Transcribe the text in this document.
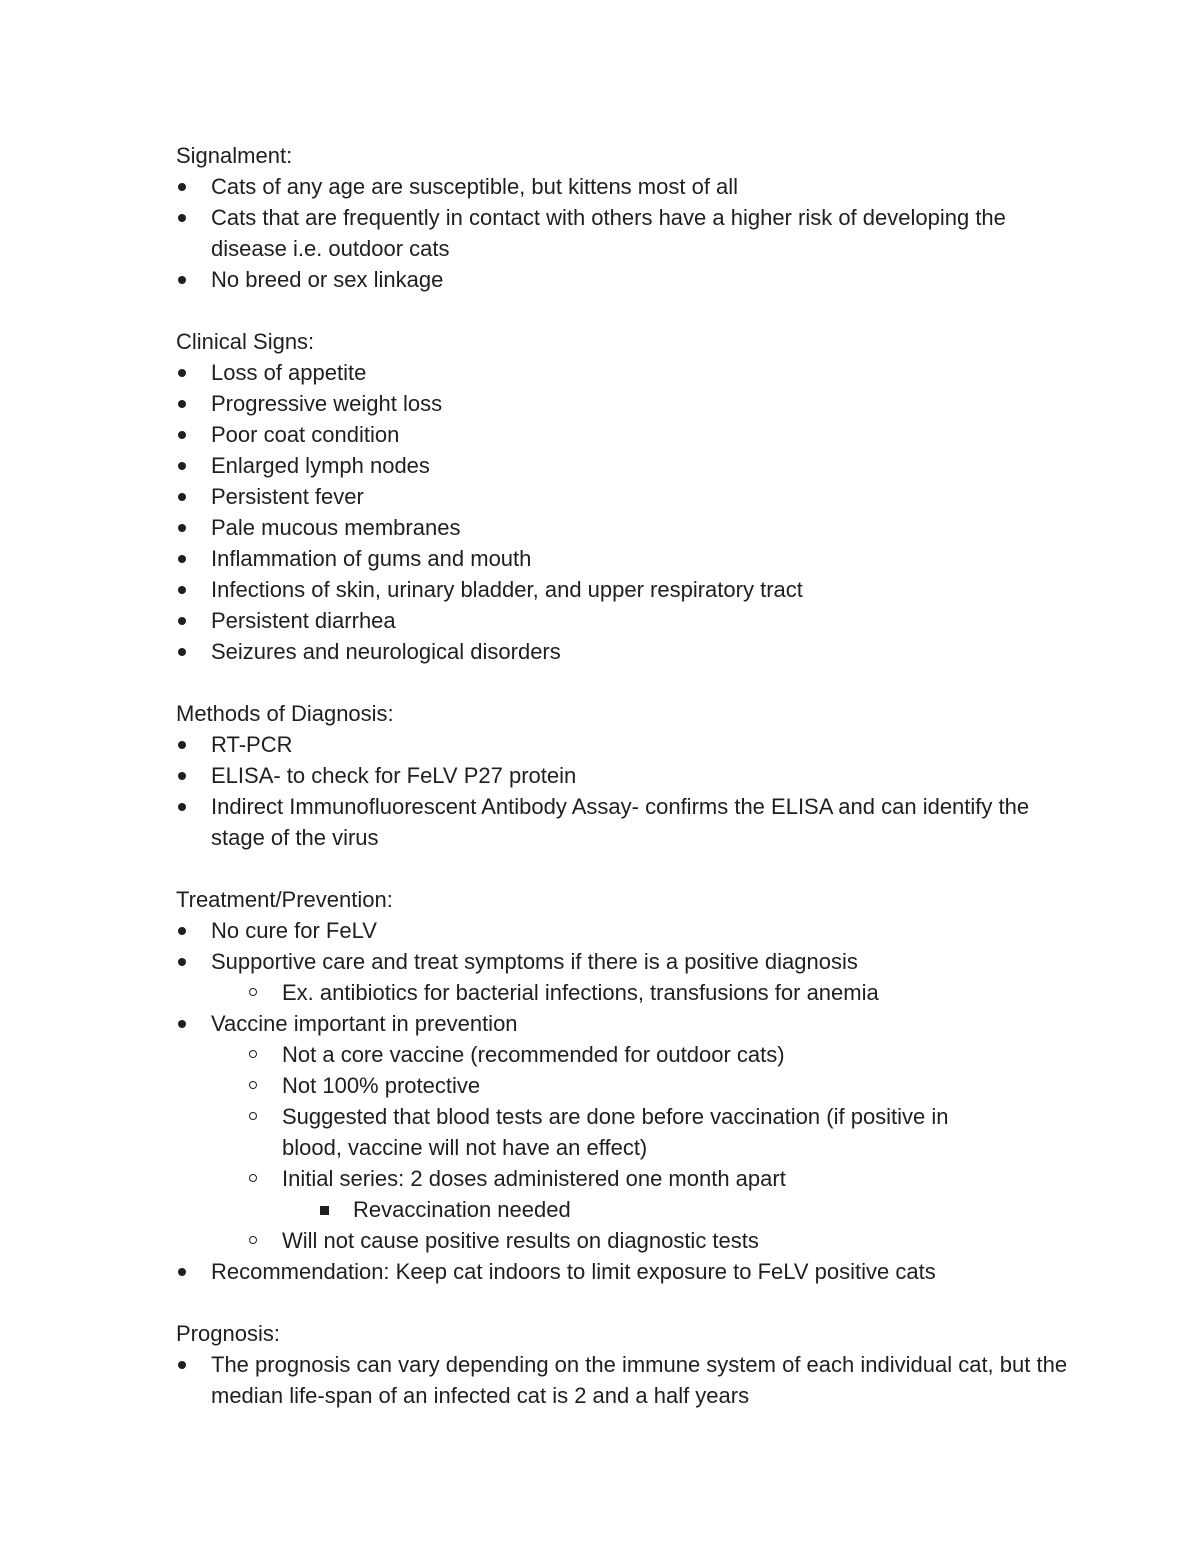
Signalment:

Cats of any age are susceptible, but kittens most of all
Cats that are frequently in contact with others have a higher risk of developing the disease i.e. outdoor cats
No breed or sex linkage

Clinical Signs:

Loss of appetite
Progressive weight loss
Poor coat condition
Enlarged lymph nodes
Persistent fever
Pale mucous membranes
Inflammation of gums and mouth
Infections of skin, urinary bladder, and upper respiratory tract
Persistent diarrhea
Seizures and neurological disorders

Methods of Diagnosis:

RT-PCR
ELISA- to check for FeLV P27 protein
Indirect Immunofluorescent Antibody Assay- confirms the ELISA and can identify the stage of the virus

Treatment/Prevention:

No cure for FeLV
Supportive care and treat symptoms if there is a positive diagnosis
Ex. antibiotics for bacterial infections, transfusions for anemia
Vaccine important in prevention
Not a core vaccine (recommended for outdoor cats)
Not 100% protective
Suggested that blood tests are done before vaccination (if positive in blood, vaccine will not have an effect)
Initial series: 2 doses administered one month apart
Revaccination needed
Will not cause positive results on diagnostic tests
Recommendation: Keep cat indoors to limit exposure to FeLV positive cats

Prognosis:

The prognosis can vary depending on the immune system of each individual cat, but the median life-span of an infected cat is 2 and a half years
